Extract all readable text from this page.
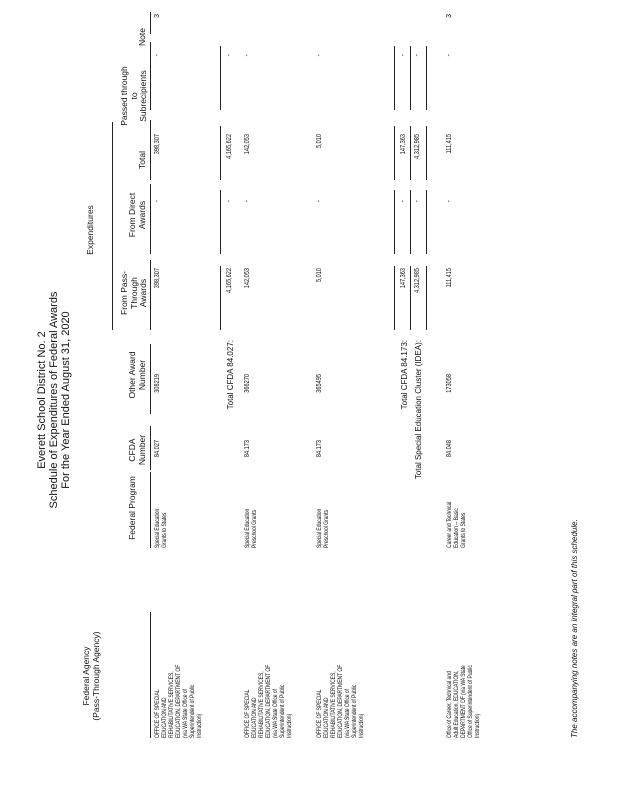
Everett School District No. 2 Schedule of Expenditures of Federal Awards For the Year Ended August 31, 2020
Federal Agency
(Pass-Through Agency)
Federal Program
CFDA
Number
Other Award
Number
Expenditures
From Pass-
Through
Awards
From Direct
Awards
Total
Passed through
to
Subrecipients
Note
OFFICE OF SPECIAL
EDUCATION AND
REHABILITATIVE SERVICES,
EDUCATION, DEPARTMENT OF
(via WA State Office of
Superintendent of Public
Instruction)
Special Education
Grants to States
84.027
308219
398,307
-
398,307
-
3
Total CFDA 84.027:
4,165,622
-
4,165,622
-
OFFICE OF SPECIAL
EDUCATION AND
REHABILITATIVE SERVICES,
EDUCATION, DEPARTMENT OF
(via WA State Office of
Superintendent of Public
Instruction)
Special Education
Preschool Grants
84.173
366270
142,053
-
142,053
-
OFFICE OF SPECIAL
EDUCATION AND
REHABILITATIVE SERVICES,
EDUCATION, DEPARTMENT OF
(via WA State Office of
Superintendent of Public
Instruction)
Special Education
Preschool Grants
84.173
365495
5,010
-
5,010
-
Total CFDA 84.173:
147,363
-
147,363
-
Total Special Education Cluster (IDEA):
4,312,985
-
4,312,985
-
Office of Career, Technical and
Adult Education, EDUCATION,
DEPARTMENT OF (via WA State
Office of Superintendent of Public
Instruction)
Career and Technical
Education -- Basic
Grants to States
84.048
173058
111,415
-
111,415
-
3
The accompanying notes are an integral part of this schedule.
